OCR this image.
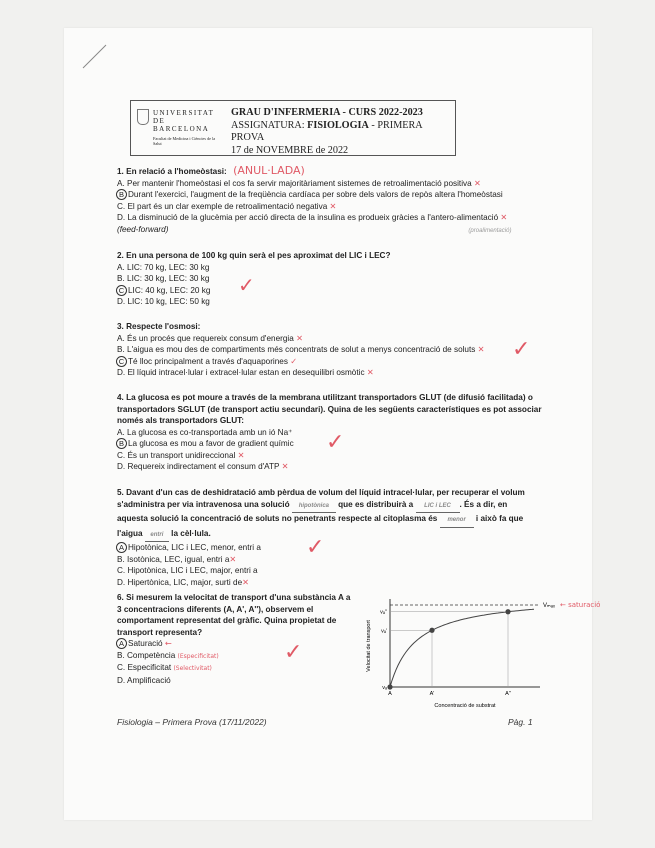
UNIVERSITAT DE BARCELONA
Facultat de Medicina i Ciències de la Salut
GRAU D'INFERMERIA - CURS 2022-2023
ASSIGNATURA: FISIOLOGIA - PRIMERA PROVA
17 de NOVEMBRE de 2022
1. En relació a l'homeòstasi: (ANUL·LADA)
A. Per mantenir l'homeòstasi el cos fa servir majoritàriament sistemes de retroalimentació positiva ✕
B Durant l'exercici, l'augment de la freqüència cardíaca per sobre dels valors de repòs altera l'homeòstasi
C. El part és un clar exemple de retroalimentació negativa ✕
D. La disminució de la glucèmia per acció directa de la insulina es produeix gràcies a l'antero-alimentació ✕
(feed-forward)	(proalimentació)
2. En una persona de 100 kg quin serà el pes aproximat del LIC i LEC?
A. LIC: 70 kg, LEC: 30 kg
B. LIC: 30 kg, LEC: 30 kg
C LIC: 40 kg, LEC: 20 kg
D. LIC: 10 kg, LEC: 50 kg
✓
3. Respecte l'osmosi:
A. És un procés que requereix consum d'energia ✕
B. L'aigua es mou des de compartiments més concentrats de solut a menys concentració de soluts ✕
C Té lloc principalment a través d'aquaporines ✓
D. El líquid intracel·lular i extracel·lular estan en desequilibri osmòtic ✕
✓
4. La glucosa es pot moure a través de la membrana utilitzant transportadors GLUT (de difusió facilitada) o
transportadors SGLUT (de transport actiu secundari). Quina de les següents característiques es pot associar
només als transportadors GLUT:
A. La glucosa es co-transportada amb un ió Na⁺
B La glucosa es mou a favor de gradient químic
C. És un transport unidireccional ✕
D. Requereix indirectament el consum d'ATP ✕
✓
5. Davant d'un cas de deshidratació amb pèrdua de volum del líquid intracel·lular, per recuperar el volum
s'administra per via intravenosa una solució hipotònica que es distribuirà a LIC i LEC . És a dir, en
aquesta solució la concentració de soluts no penetrants respecte al citoplasma és menor i això fa que
l'aigua entri la cèl·lula.
A Hipotònica, LIC i LEC, menor, entri a
B. Isotònica, LEC, igual, entri a✕
C. Hipotònica, LIC i LEC, major, entri a
D. Hipertònica, LIC, major, surti de✕
✓
6. Si mesurem la velocitat de transport d'una substància A a
3 concentracions diferents (A, A', A''), observem el
comportament representat del gràfic. Quina propietat de
transport representa?
A Saturació ←
B. Competència (Especificitat)
C. Especificitat (Selectivitat)
D. Amplificació
✓
A
vₐ
A'
vₐ'
A''
vₐ''
Vₘₐₓ ← saturació
Concentració de substrat
Velocitat de transport
Fisiologia – Primera Prova (17/11/2022)	Pàg. 1
